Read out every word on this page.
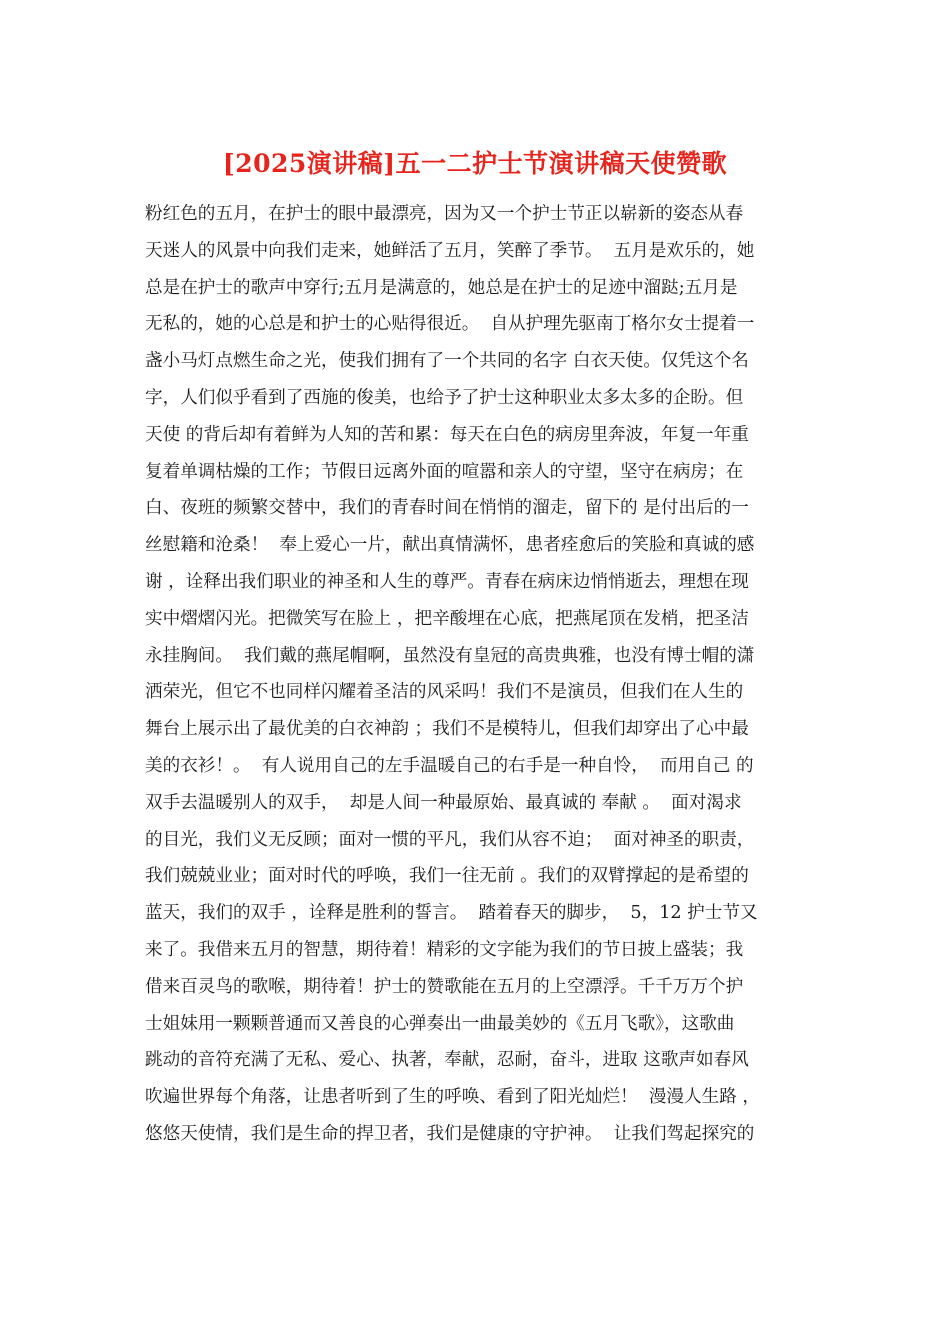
[2025演讲稿]五一二护士节演讲稿天使赞歌
粉红色的五月，在护士的眼中最漂亮，因为又一个护士节正以崭新的姿态从春
天迷人的风景中向我们走来，她鲜活了五月，笑醉了季节。  五月是欢乐的，她
总是在护士的歌声中穿行;五月是满意的，她总是在护士的足迹中溜跶;五月是
无私的，她的心总是和护士的心贴得很近。  自从护理先驱南丁格尔女士提着一
盏小马灯点燃生命之光，使我们拥有了一个共同的名字 白衣天使。仅凭这个名
字，人们似乎看到了西施的俊美，也给予了护士这种职业太多太多的企盼。但
天使 的背后却有着鲜为人知的苦和累：每天在白色的病房里奔波，年复一年重
复着单调枯燥的工作；节假日远离外面的喧嚣和亲人的守望，坚守在病房；在
白、夜班的频繁交替中，我们的青春时间在悄悄的溜走，留下的 是付出后的一
丝慰籍和沧桑！  奉上爱心一片，献出真情满怀，患者痊愈后的笑脸和真诚的感
谢 ，诠释出我们职业的神圣和人生的尊严。青春在病床边悄悄逝去，理想在现
实中熠熠闪光。把微笑写在脸上 ，把辛酸埋在心底，把燕尾顶在发梢，把圣洁
永挂胸间。  我们戴的燕尾帽啊，虽然没有皇冠的高贵典雅，也没有博士帽的潇
洒荣光，但它不也同样闪耀着圣洁的风采吗！我们不是演员，但我们在人生的
舞台上展示出了最优美的白衣神韵 ；我们不是模特儿，但我们却穿出了心中最
美的衣衫！。  有人说用自己的左手温暖自己的右手是一种自怜，  而用自己 的
双手去温暖别人的双手，  却是人间一种最原始、最真诚的 奉献 。  面对渴求
的目光，我们义无反顾；面对一惯的平凡，我们从容不迫；  面对神圣的职责，
我们兢兢业业；面对时代的呼唤，我们一往无前 。我们的双臂撑起的是希望的
蓝天，我们的双手 ，诠释是胜利的誓言。  踏着春天的脚步，  5，12 护士节又
来了。我借来五月的智慧，期待着！精彩的文字能为我们的节日披上盛装；我
借来百灵鸟的歌喉，期待着！护士的赞歌能在五月的上空漂浮。千千万万个护
士姐妹用一颗颗普通而又善良的心弹奏出一曲最美妙的《五月飞歌》，这歌曲
跳动的音符充满了无私、爱心、执著，奉献，忍耐，奋斗，进取 这歌声如春风
吹遍世界每个角落，让患者听到了生的呼唤、看到了阳光灿烂！  漫漫人生路 ，
悠悠天使情，我们是生命的捍卫者，我们是健康的守护神。  让我们驾起探究的
